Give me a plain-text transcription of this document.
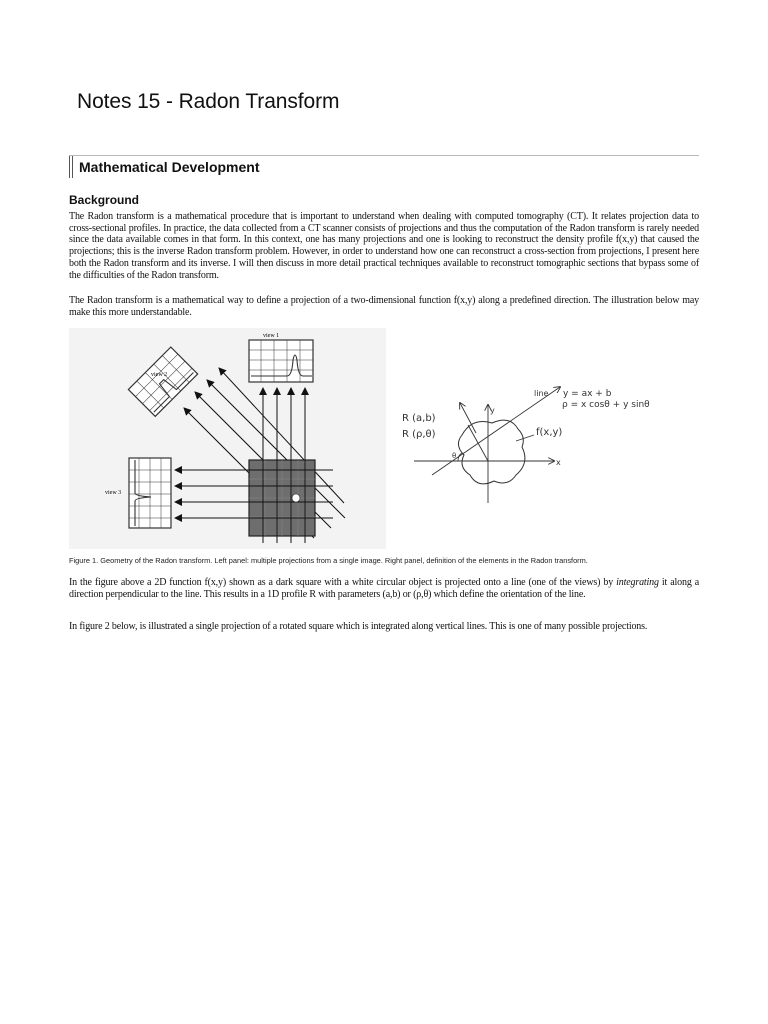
Notes 15 - Radon Transform
Mathematical Development
Background

The Radon transform is a mathematical procedure that is important to understand when dealing with computed tomography (CT). It relates projection data to cross-sectional profiles. In practice, the data collected from a CT scanner consists of projections and thus the computation of the Radon transform is rarely needed since the data available comes in that form. In this context, one has many projections and one is looking to reconstruct the density profile f(x,y) that caused the projections; this is the inverse Radon transform problem. However, in order to understand how one can reconstruct a cross-section from projections, I present here both the Radon transform and its inverse. I will then discuss in more detail practical techniques available to reconstruct tomographic sections that bypass some of the difficulties of the Radon transform.

The Radon transform is a mathematical way to define a projection of a two-dimensional function f(x,y) along a predefined direction. The illustration below may make this more understandable.

view 1
view 2
view 3
line y = ax + b
ρ = x cosθ + y sinθ
R (a,b)
R (ρ,θ)	f(x,y)
x
y
θ

Figure 1. Geometry of the Radon transform. Left panel: multiple projections from a single image. Right panel, definition of the elements in the Radon transform.

In the figure above a 2D function f(x,y) shown as a dark square with a white circular object is projected onto a line (one of the views) by integrating it along a direction perpendicular to the line. This results in a 1D profile R with parameters (a,b) or (ρ,θ) which define the orientation of the line.

In figure 2 below, is illustrated a single projection of a rotated square which is integrated along vertical lines. This is one of many possible projections.
